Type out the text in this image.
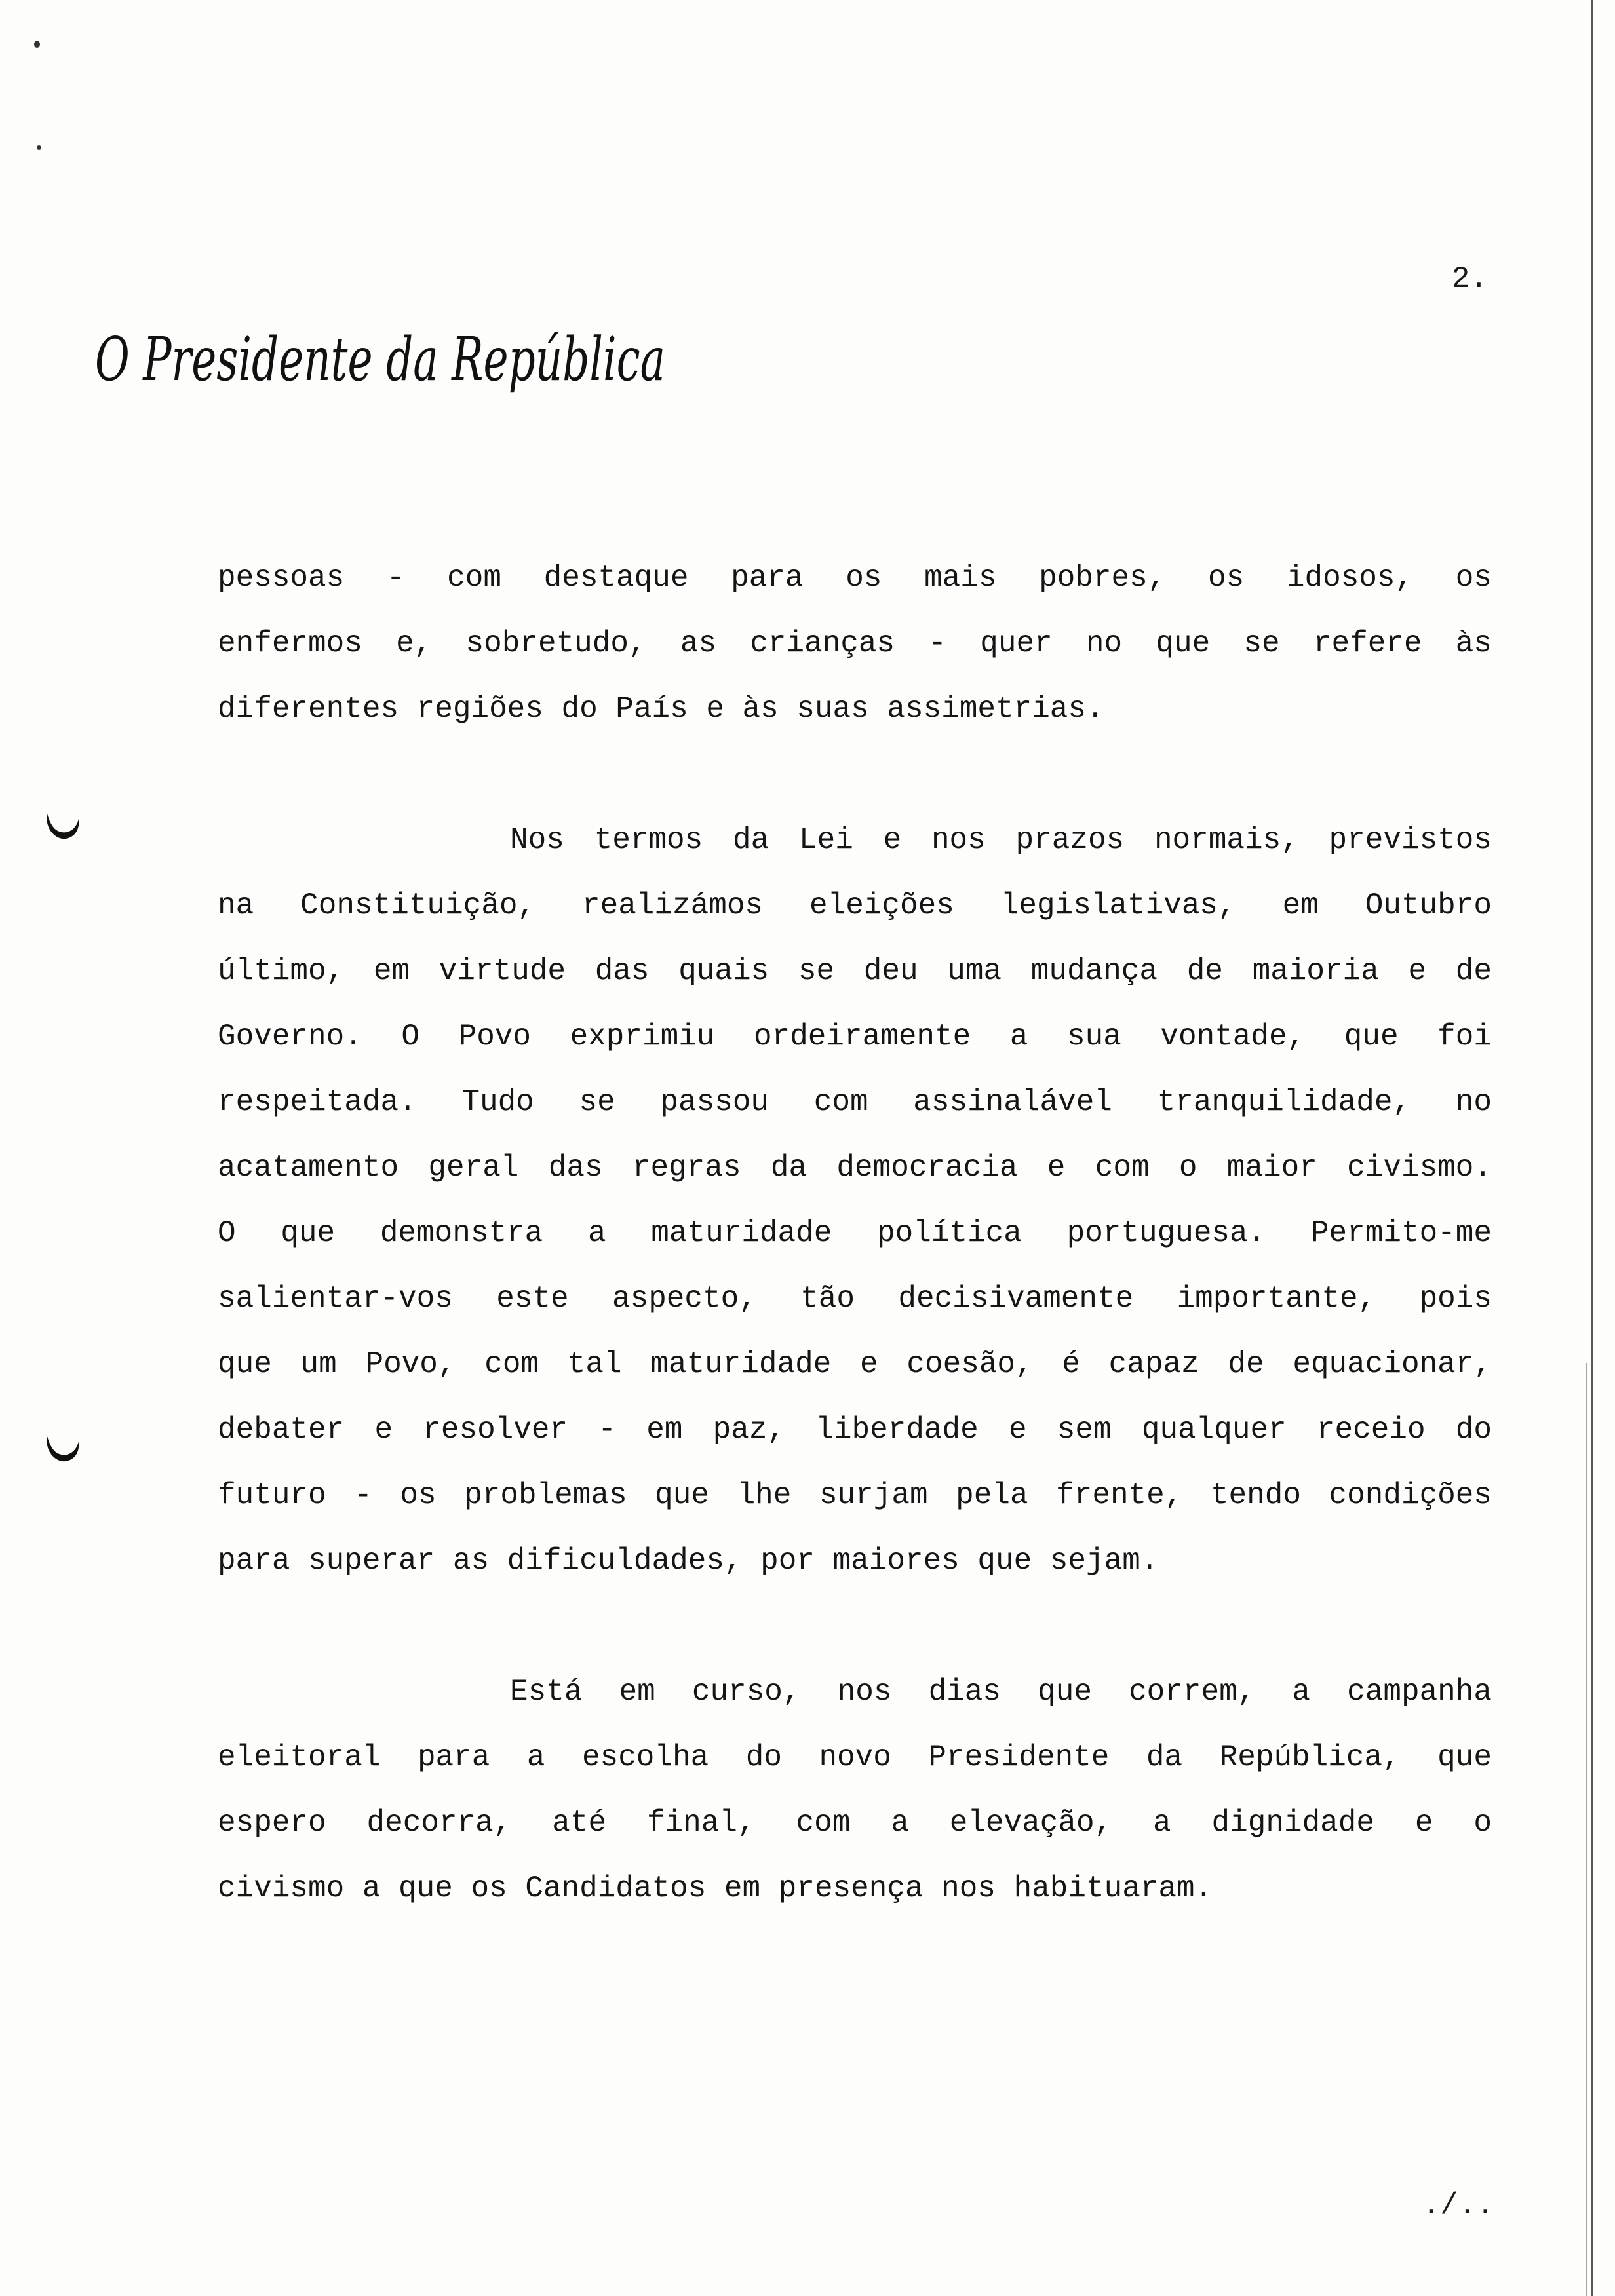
2.
O Presidente da República
pessoas - com destaque para os mais pobres, os idosos, os
enfermos e, sobretudo, as crianças - quer no que se refere às
diferentes regiões do País e às suas assimetrias.
Nos termos da Lei e nos prazos normais, previstos
na Constituição, realizámos eleições legislativas, em Outubro
último, em virtude das quais se deu uma mudança de maioria e de
Governo. O Povo exprimiu ordeiramente a sua vontade, que foi
respeitada. Tudo se passou com assinalável tranquilidade, no
acatamento geral das regras da democracia e com o maior civismo.
O que demonstra a maturidade política portuguesa. Permito-me
salientar-vos este aspecto, tão decisivamente importante, pois
que um Povo, com tal maturidade e coesão, é capaz de equacionar,
debater e resolver - em paz, liberdade e sem qualquer receio do
futuro - os problemas que lhe surjam pela frente, tendo condições
para superar as dificuldades, por maiores que sejam.
Está em curso, nos dias que correm, a campanha
eleitoral para a escolha do novo Presidente da República, que
espero decorra, até final, com a elevação, a dignidade e o
civismo a que os Candidatos em presença nos habituaram.
./..
